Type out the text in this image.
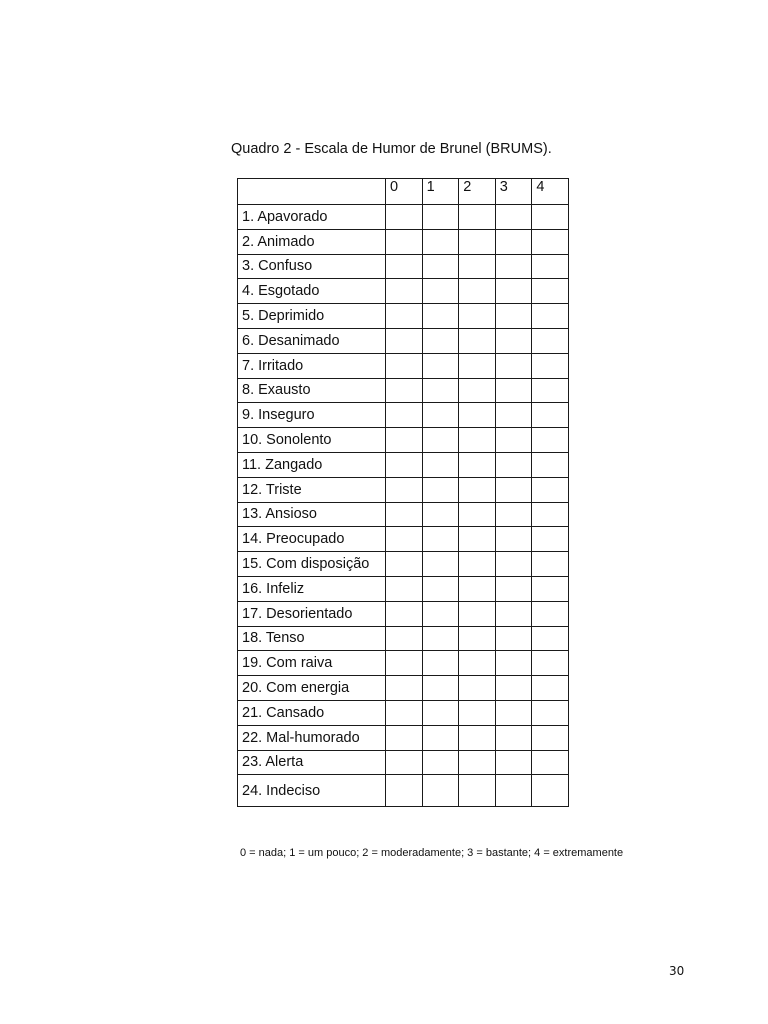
Quadro 2 - Escala de Humor de Brunel (BRUMS).
	0	1	2	3	4
1. Apavorado					
2. Animado					
3. Confuso					
4. Esgotado					
5. Deprimido					
6. Desanimado					
7. Irritado					
8. Exausto					
9. Inseguro					
10. Sonolento					
11. Zangado					
12. Triste					
13. Ansioso					
14. Preocupado					
15. Com disposição					
16. Infeliz					
17. Desorientado					
18. Tenso					
19. Com raiva					
20. Com energia					
21. Cansado					
22. Mal-humorado					
23. Alerta					
24. Indeciso					
0 = nada; 1 = um pouco; 2 = moderadamente; 3 = bastante; 4 = extremamente
30
